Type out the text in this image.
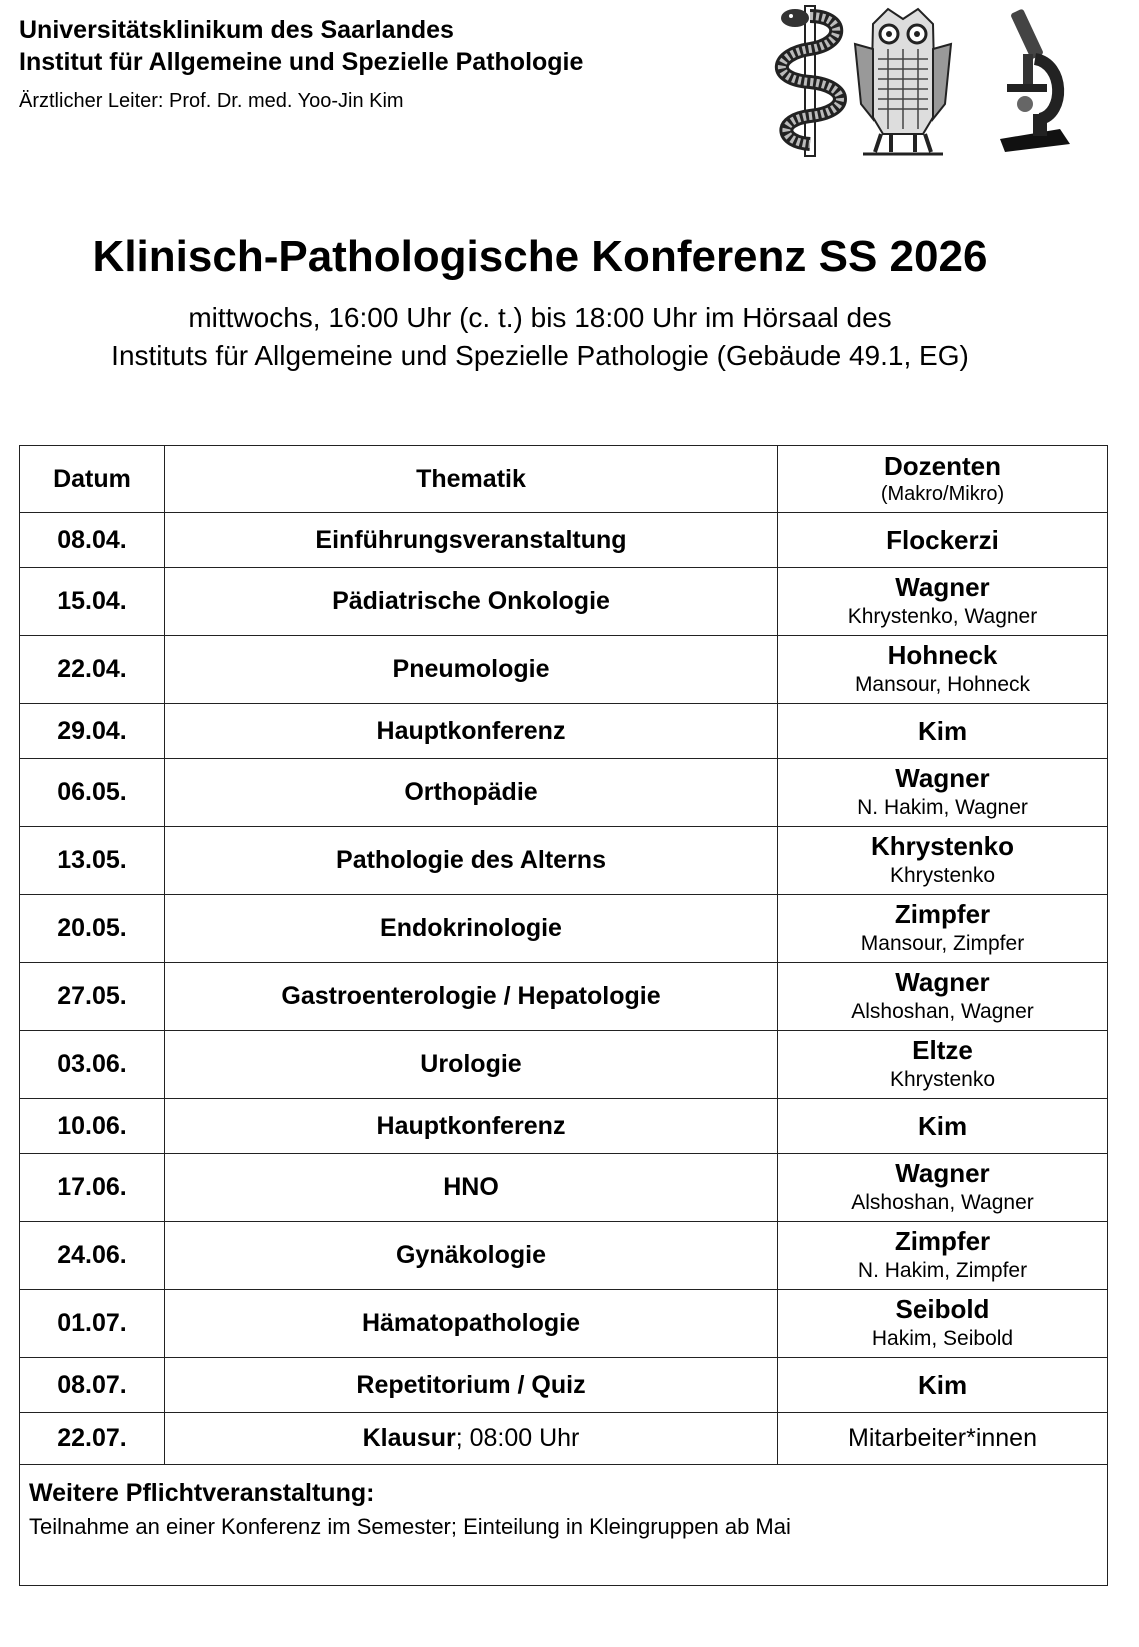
Universitätsklinikum des Saarlandes
Institut für Allgemeine und Spezielle Pathologie
Ärztlicher Leiter: Prof. Dr. med. Yoo-Jin Kim
Klinisch-Pathologische Konferenz SS 2026
mittwochs, 16:00 Uhr (c. t.) bis 18:00 Uhr im Hörsaal des
Instituts für Allgemeine und Spezielle Pathologie (Gebäude 49.1, EG)
Datum	Thematik	Dozenten
(Makro/Mikro)

08.04.	Einführungsveranstaltung	Flockerzi

15.04.	Pädiatrische Onkologie	Wagner
Khrystenko, Wagner

22.04.	Pneumologie	Hohneck
Mansour, Hohneck

29.04.	Hauptkonferenz	Kim

06.05.	Orthopädie	Wagner
N. Hakim, Wagner

13.05.	Pathologie des Alterns	Khrystenko
Khrystenko

20.05.	Endokrinologie	Zimpfer
Mansour, Zimpfer

27.05.	Gastroenterologie / Hepatologie	Wagner
Alshoshan, Wagner

03.06.	Urologie	Eltze
Khrystenko

10.06.	Hauptkonferenz	Kim

17.06.	HNO	Wagner
Alshoshan, Wagner

24.06.	Gynäkologie	Zimpfer
N. Hakim, Zimpfer

01.07.	Hämatopathologie	Seibold
Hakim, Seibold

08.07.	Repetitorium / Quiz	Kim

22.07.	Klausur; 08:00 Uhr	Mitarbeiter*innen

Weitere Pflichtveranstaltung:
Teilnahme an einer Konferenz im Semester; Einteilung in Kleingruppen ab Mai		
